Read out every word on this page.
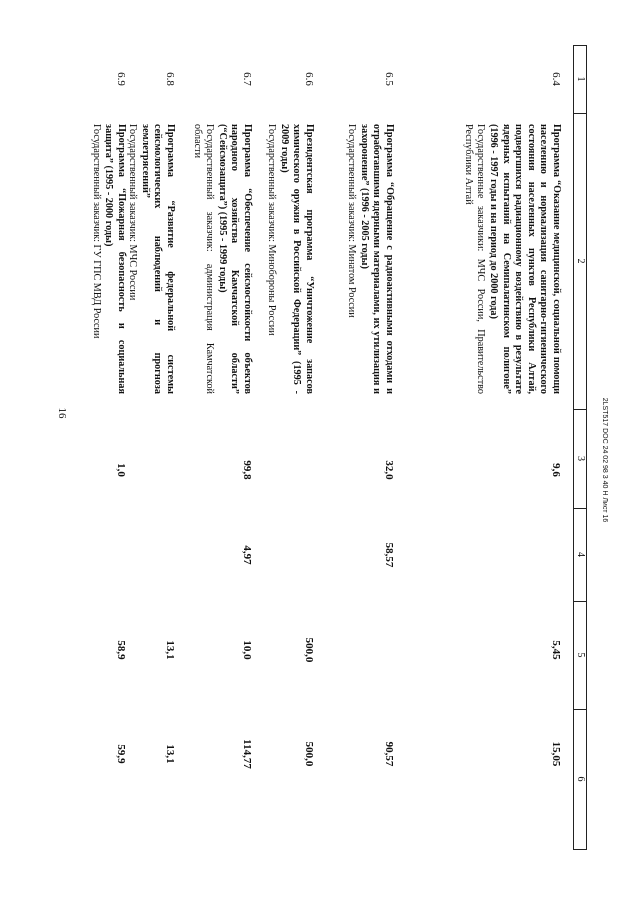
16	2LST517 DOC 24 02 98 3 40 Н Лист 16
1
2
3
4
5
6
6.4
Программа “Оказание медицинской, социальной помощи населению и нормализация санитарно-гигиенического состояния населенных пунктов Республики Алтай, подвергшихся радиационному воздействию в результате ядерных испытаний на Семипалатинском полигоне” (1996 - 1997 годы и на период до 2000 года)
Государственные заказчики: МЧС России, Правительство Республики Алтай
9,6
5,45
15,05
6.5
Программа “Обращение с радиоактивными отходами и отработавшими ядерными материалами, их утилизация и захоронение” (1996 - 2005 годы)
Государственный заказчик: Минатом России
32,0
58,57
90,57
6.6
Президентская программа “Уничтожение запасов химического оружия в Российской Федерации” (1995 - 2009 годы)
Государственный заказчик: Минобороны России
500,0
500,0
6.7
Программа “Обеспечение сейсмостойкости объектов народного хозяйства Камчатской области” (“Сейсмозащита”) (1995 - 1999 годы)
Государственный заказчик: администрация Камчатской области
99,8
4,97
10,0
114,77
6.8
Программа “Развитие федеральной системы сейсмологических наблюдений и прогноза землетрясений”
Государственный заказчик: МЧС России
13,1
13,1
6.9
Программа “Пожарная безопасность и социальная защита” (1995 - 2000 годы)
Государственный заказчик: ГУ ГПС МВД России
1,0
58,9
59,9
